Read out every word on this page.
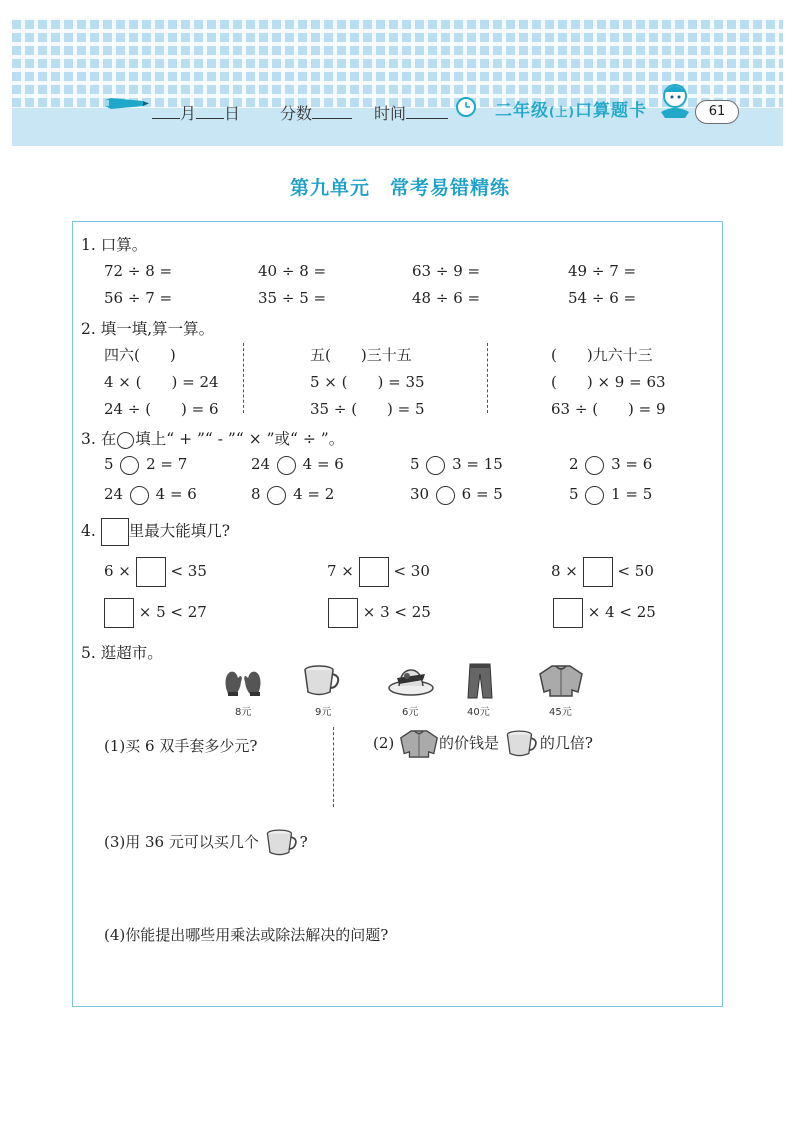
月 日 分数	时间	二年级(上)口算题卡	61
第九单元　常考易错精练
1. 口算。
72 ÷ 8 =	40 ÷ 8 =	63 ÷ 9 =	49 ÷ 7 =
56 ÷ 7 =	35 ÷ 5 =	48 ÷ 6 =	54 ÷ 6 =
2. 填一填,算一算。
四六(　　)
4 × (　　) = 24
24 ÷ (　　) = 6
五(　　)三十五
5 × (　　) = 35
35 ÷ (　　) = 5
(　　)九六十三
(　　) × 9 = 63
63 ÷ (　　) = 9
3. 在 填上“ + ”“ - ”“ × ”或“ ÷ ”。
5 2 = 7	24 4 = 6	5 3 = 15	2 3 = 6
24 4 = 6	8 4 = 2	30 6 = 5	5 1 = 5
4. 里最大能填几?
6 ×	< 35	7 ×	< 30	8 ×	< 50
× 5 < 27	× 3 < 25	× 4 < 25
5. 逛超市。
8元	9元	6元	40元	45元
(1)买 6 双手套多少元?	(2)	的价钱是	的几倍?
(3)用 36 元可以买几个	?
(4)你能提出哪些用乘法或除法解决的问题?
